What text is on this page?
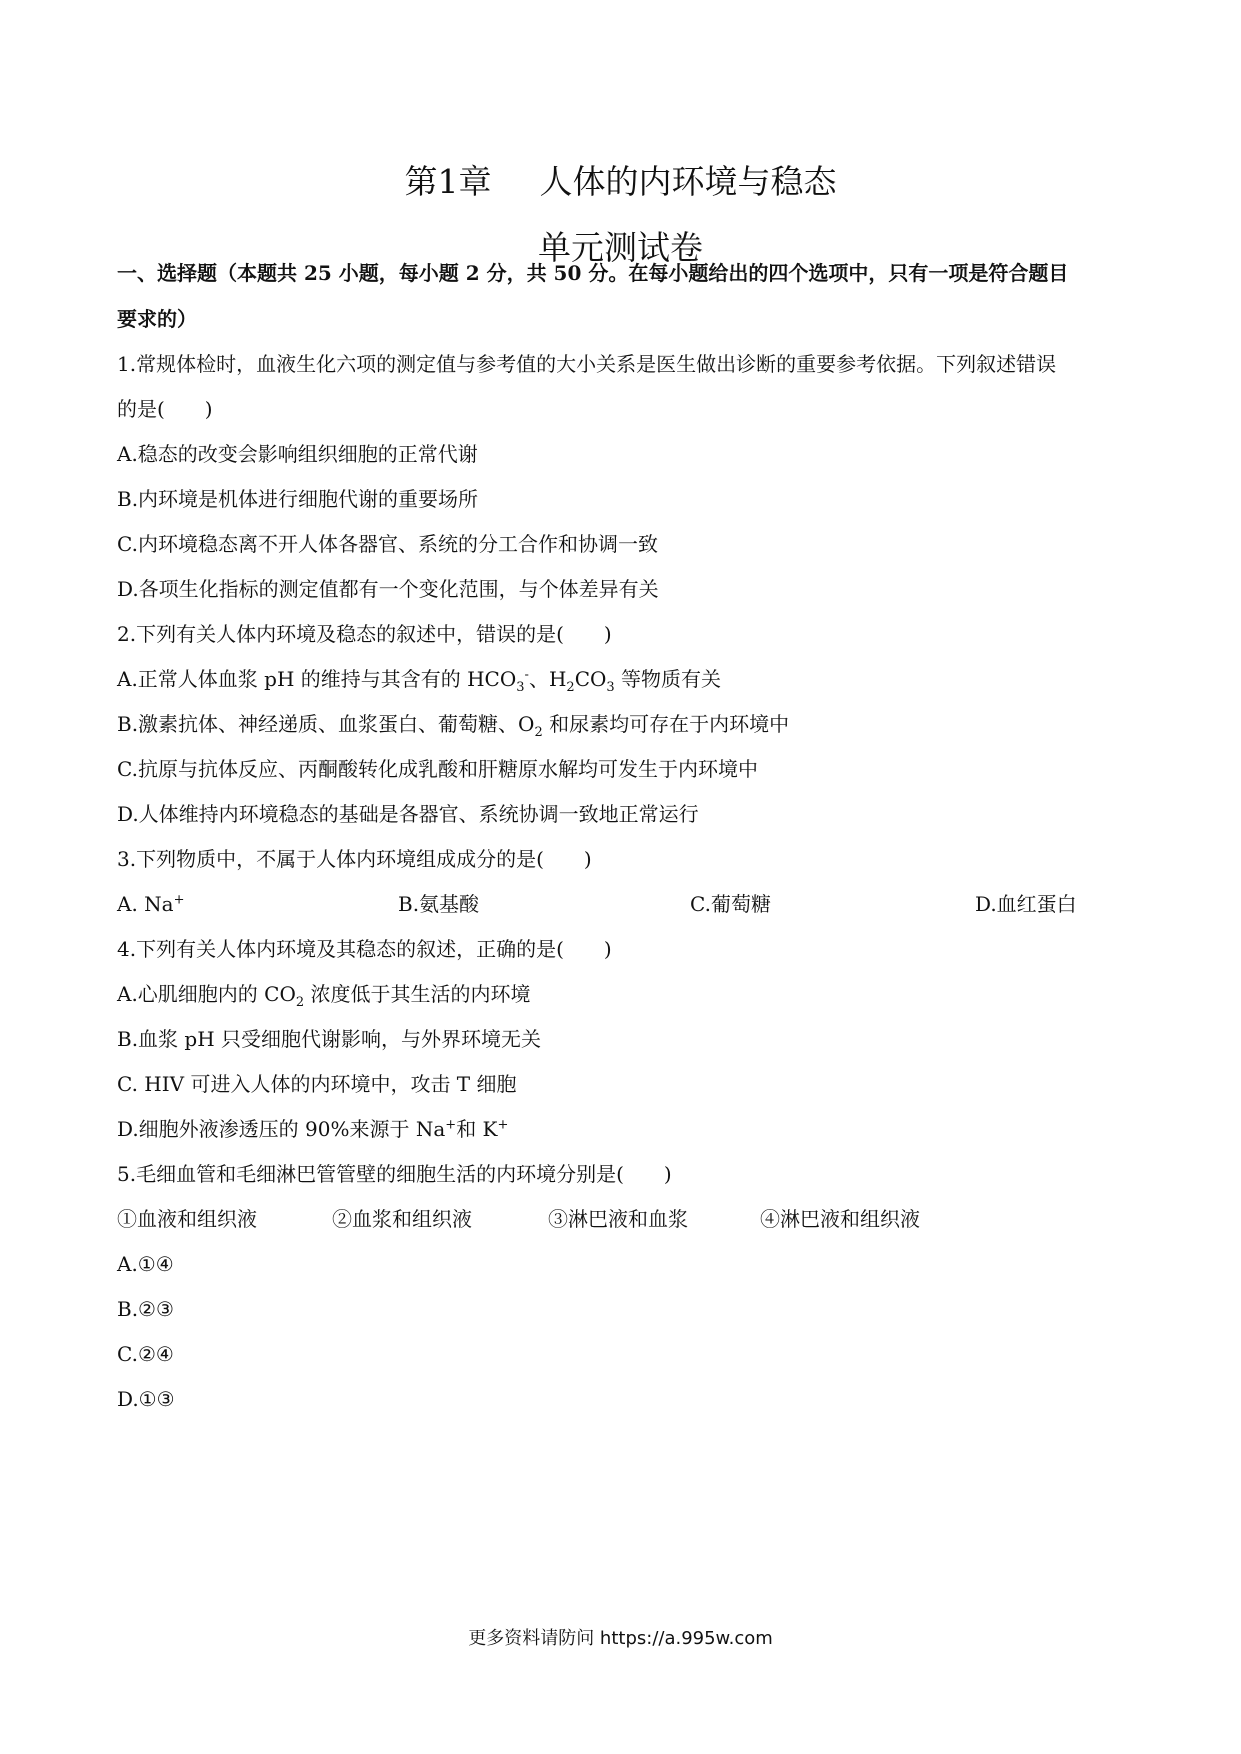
第1章 人体的内环境与稳态
单元测试卷
一、选择题（本题共 25 小题，每小题 2 分，共 50 分。在每小题给出的四个选项中，只有一项是符合题目
要求的）
1.常规体检时，血液生化六项的测定值与参考值的大小关系是医生做出诊断的重要参考依据。下列叙述错误
的是(　　)
A.稳态的改变会影响组织细胞的正常代谢
B.内环境是机体进行细胞代谢的重要场所
C.内环境稳态离不开人体各器官、系统的分工合作和协调一致
D.各项生化指标的测定值都有一个变化范围，与个体差异有关
2.下列有关人体内环境及稳态的叙述中，错误的是(　　)
A.正常人体血浆 pH 的维持与其含有的 $HCO_3^-$、$H_2CO_3$ 等物质有关
B.激素抗体、神经递质、血浆蛋白、葡萄糖、$O_2$ 和尿素均可存在于内环境中
C.抗原与抗体反应、丙酮酸转化成乳酸和肝糖原水解均可发生于内环境中
D.人体维持内环境稳态的基础是各器官、系统协调一致地正常运行
3.下列物质中，不属于人体内环境组成成分的是(　　)
A. Na+	B.氨基酸	C.葡萄糖	D.血红蛋白
4.下列有关人体内环境及其稳态的叙述，正确的是(　　)
A.心肌细胞内的 $CO_2$ 浓度低于其生活的内环境
B.血浆 pH 只受细胞代谢影响，与外界环境无关
C. HIV 可进入人体的内环境中，攻击 T 细胞
D.细胞外液渗透压的 90%来源于 Na+和 K+
5.毛细血管和毛细淋巴管管壁的细胞生活的内环境分别是(　　)
①血液和组织液	②血浆和组织液	③淋巴液和血浆	④淋巴液和组织液
A.①④
B.②③
C.②④
D.①③
更多资料请防问 https://a.995w.com
